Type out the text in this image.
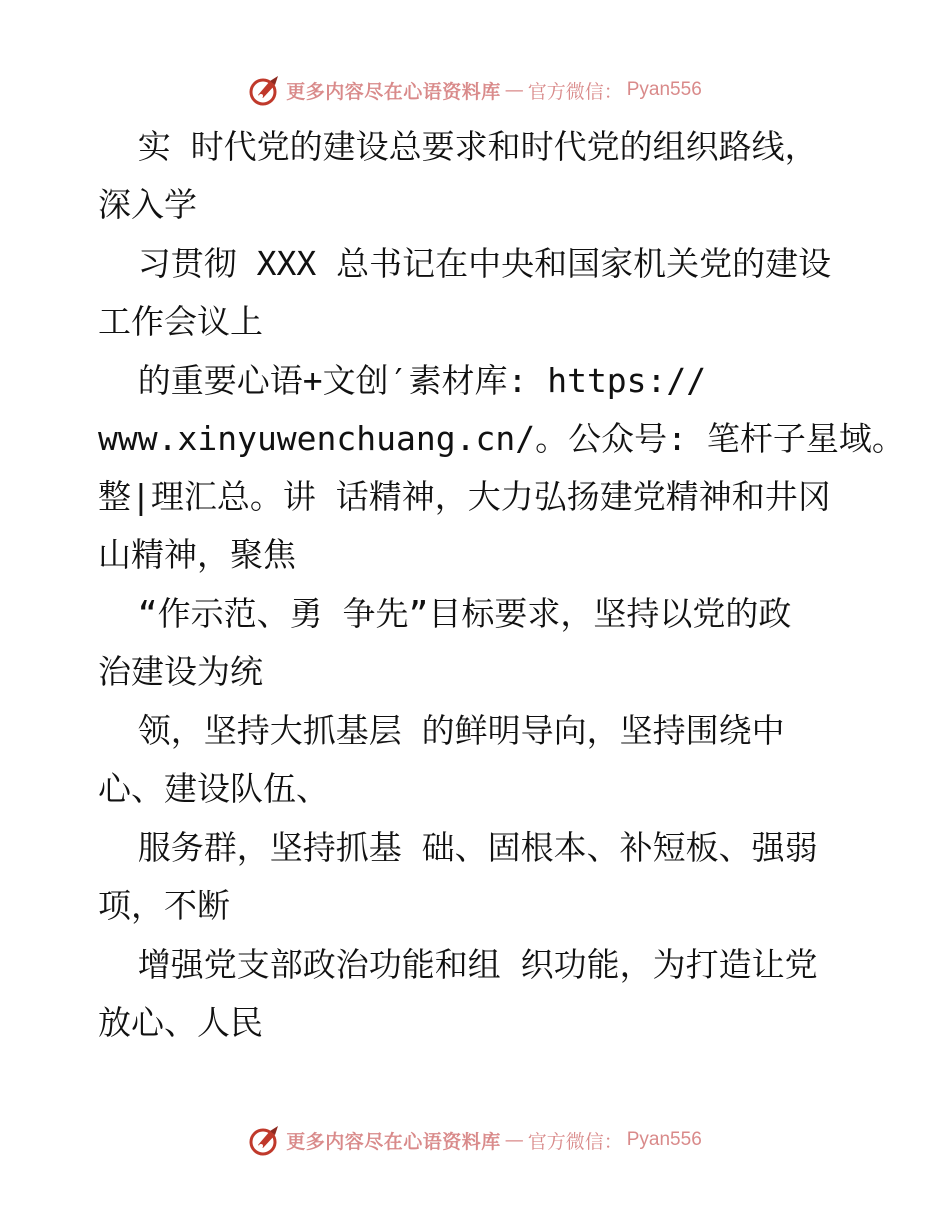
更多内容尽在心语资料库 — 官方微信： Pyan556
实 时代党的建设总要求和时代党的组织路线，
深入学
习贯彻 XXX 总书记在中央和国家机关党的建设
工作会议上
的重要心语+文创′素材库: https://
www.xinyuwenchuang.cn/。公众号: 笔杆子星域。
整|理汇总。讲 话精神，大力弘扬建党精神和井冈
山精神，聚焦
“作示范、勇 争先”目标要求，坚持以党的政
治建设为统
领，坚持大抓基层 的鲜明导向，坚持围绕中
心、建设队伍、
服务群，坚持抓基 础、固根本、补短板、强弱
项，不断
增强党支部政治功能和组 织功能，为打造让党
放心、人民
更多内容尽在心语资料库 — 官方微信： Pyan556
